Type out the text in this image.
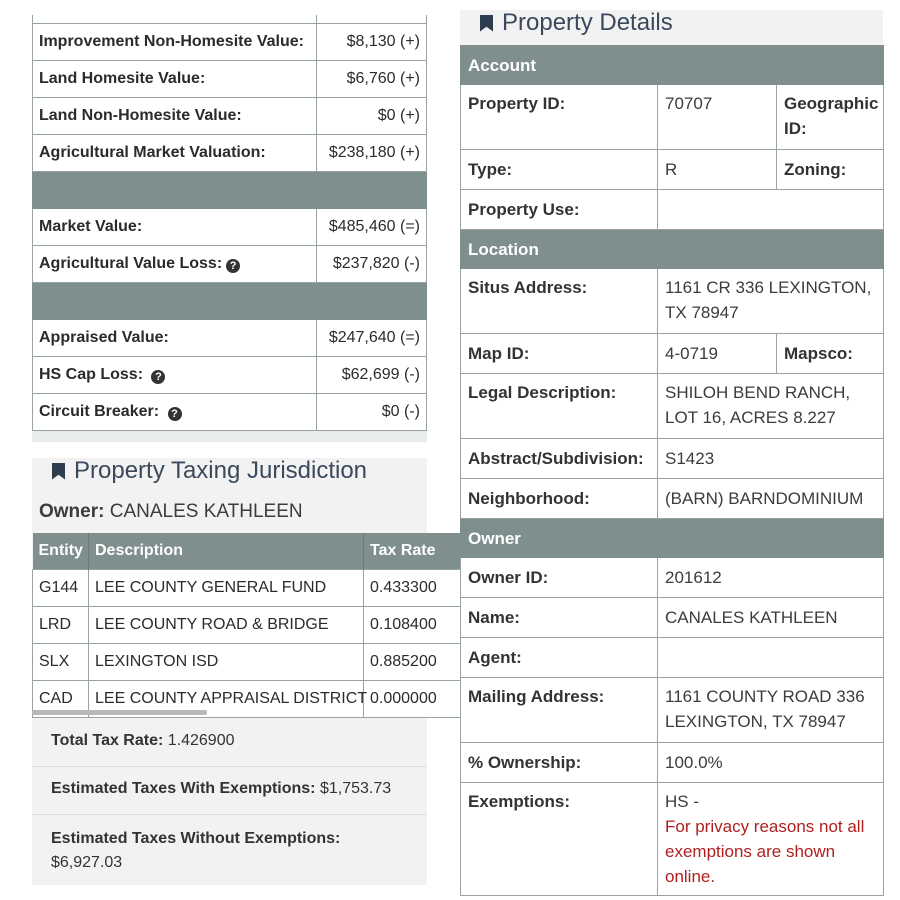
Improvement Non-Homesite Value:	$8,130 (+)
Land Homesite Value:	$6,760 (+)
Land Non-Homesite Value:	$0 (+)
Agricultural Market Valuation:	$238,180 (+)

Market Value:	$485,460 (=)
Agricultural Value Loss: ?	$237,820 (-)

Appraised Value:	$247,640 (=)
HS Cap Loss: ?	$62,699 (-)
Circuit Breaker: ?	$0 (-)
Property Taxing Jurisdiction
Owner: CANALES KATHLEEN
Entity	Description	Tax Rate
G144	LEE COUNTY GENERAL FUND	0.433300
LRD	LEE COUNTY ROAD & BRIDGE	0.108400
SLX	LEXINGTON ISD	0.885200
CAD	LEE COUNTY APPRAISAL DISTRICT	0.000000
Total Tax Rate: 1.426900
Estimated Taxes With Exemptions: $1,753.73
Estimated Taxes Without Exemptions:
$6,927.03
Property Details
Account		
Property ID:	70707	Geographic ID:
Type:	R	Zoning:
Property Use:		
Location		
Situs Address:	1161 CR 336 LEXINGTON, TX 78947	
Map ID:	4-0719	Mapsco:
Legal Description:	SHILOH BEND RANCH, LOT 16, ACRES 8.227	
Abstract/Subdivision:	S1423	
Neighborhood:	(BARN) BARNDOMINIUM	
Owner		
Owner ID:	201612	
Name:	CANALES KATHLEEN	
Agent:		
Mailing Address:	1161 COUNTY ROAD 336
LEXINGTON, TX 78947	

% Ownership:	100.0%	
Exemptions:	HS -
For privacy reasons not all exemptions are shown online.	
